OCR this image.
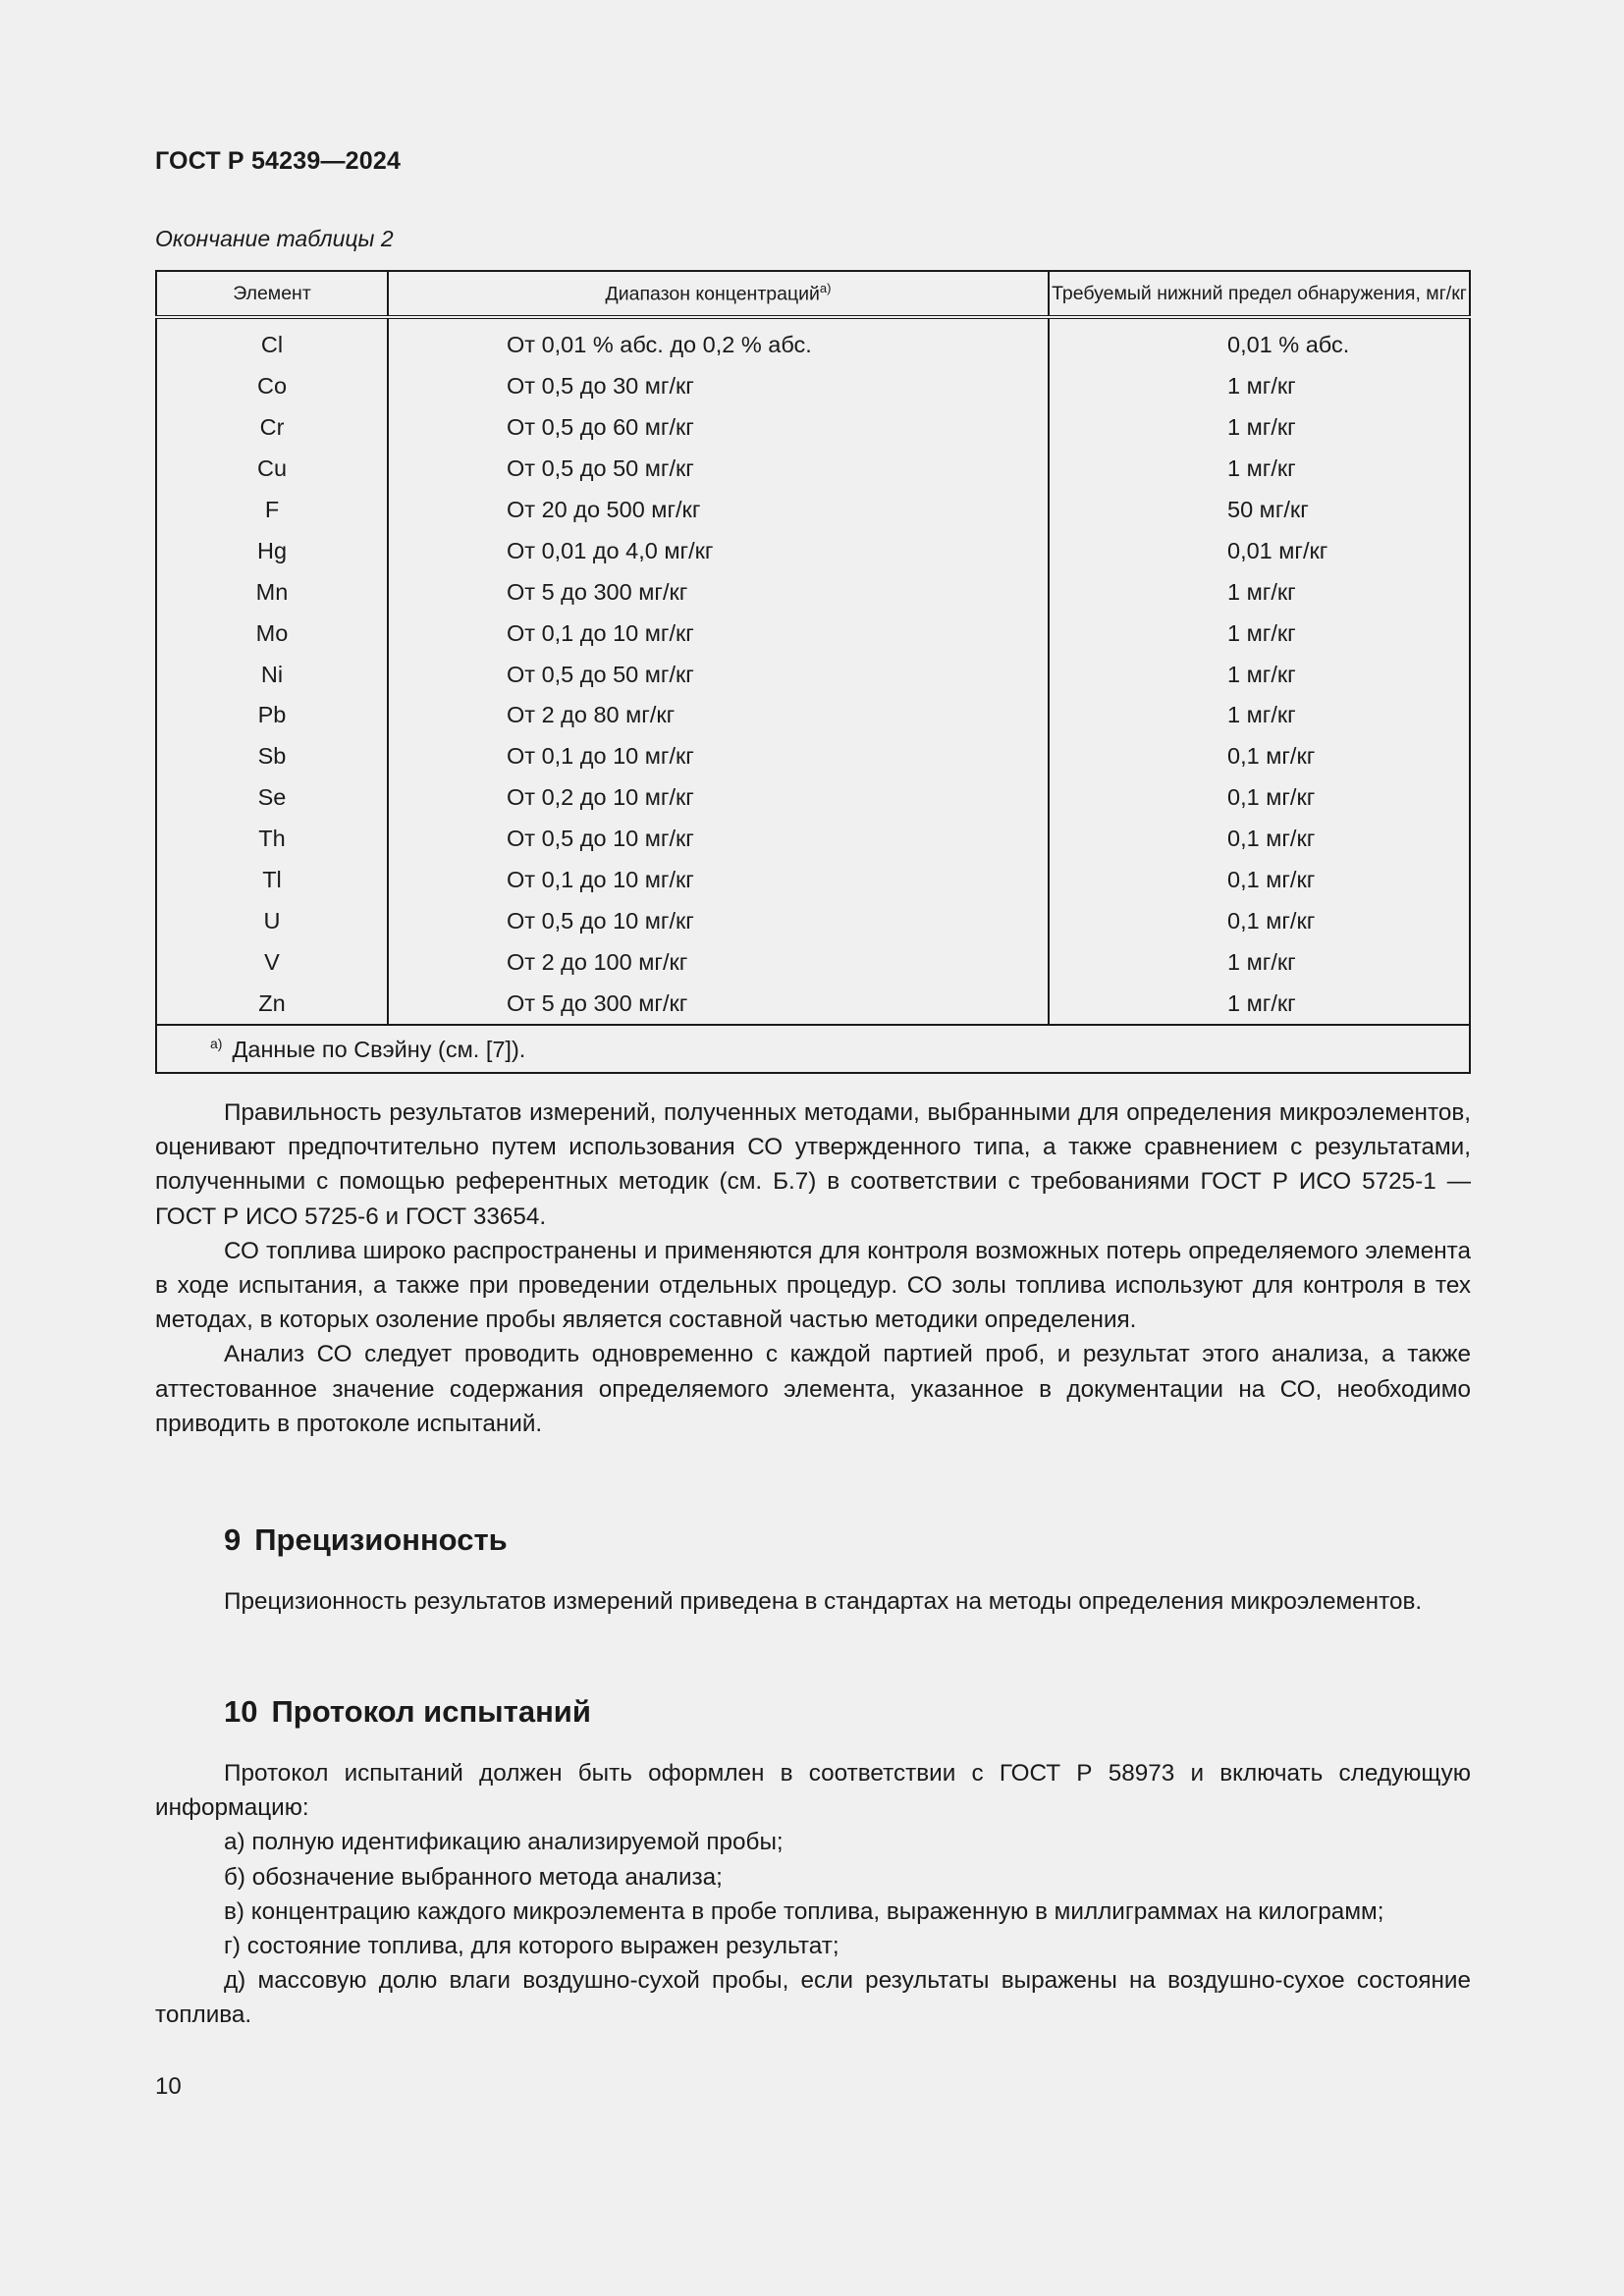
ГОСТ Р 54239—2024
Окончание таблицы 2
Элемент	Диапазон концентраций$^{а)}$	Требуемый нижний предел обнаружения, мг/кг
Cl	От 0,01 % абс. до 0,2 % абс.	0,01 % абс.
Co	От 0,5 до 30 мг/кг	1 мг/кг
Cr	От 0,5 до 60 мг/кг	1 мг/кг
Cu	От 0,5 до 50 мг/кг	1 мг/кг
F	От 20 до 500 мг/кг	50 мг/кг
Hg	От 0,01 до 4,0 мг/кг	0,01 мг/кг
Mn	От 5 до 300 мг/кг	1 мг/кг
Mo	От 0,1 до 10 мг/кг	1 мг/кг
Ni	От 0,5 до 50 мг/кг	1 мг/кг
Pb	От 2 до 80 мг/кг	1 мг/кг
Sb	От 0,1 до 10 мг/кг	0,1 мг/кг
Se	От 0,2 до 10 мг/кг	0,1 мг/кг
Th	От 0,5 до 10 мг/кг	0,1 мг/кг
Tl	От 0,1 до 10 мг/кг	0,1 мг/кг
U	От 0,5 до 10 мг/кг	0,1 мг/кг
V	От 2 до 100 мг/кг	1 мг/кг
Zn	От 5 до 300 мг/кг	1 мг/кг
$^{а)}$ Данные по Свэйну (см. [7]).		

Правильность результатов измерений, полученных методами, выбранными для определения микроэлементов, оценивают предпочтительно путем использования СО утвержденного типа, а также сравнением с результатами, полученными с помощью референтных методик (см. Б.7) в соответствии с требованиями ГОСТ Р ИСО 5725-1 — ГОСТ Р ИСО 5725-6 и ГОСТ 33654.

СО топлива широко распространены и применяются для контроля возможных потерь определяемого элемента в ходе испытания, а также при проведении отдельных процедур. СО золы топлива используют для контроля в тех методах, в которых озоление пробы является составной частью методики определения.

Анализ СО следует проводить одновременно с каждой партией проб, и результат этого анализа, а также аттестованное значение содержания определяемого элемента, указанное в документации на СО, необходимо приводить в протоколе испытаний.

9 Прецизионность

Прецизионность результатов измерений приведена в стандартах на методы определения микроэлементов.

10 Протокол испытаний

Протокол испытаний должен быть оформлен в соответствии с ГОСТ Р 58973 и включать следующую информацию:

а) полную идентификацию анализируемой пробы;

б) обозначение выбранного метода анализа;

в) концентрацию каждого микроэлемента в пробе топлива, выраженную в миллиграммах на килограмм;

г) состояние топлива, для которого выражен результат;

д) массовую долю влаги воздушно-сухой пробы, если результаты выражены на воздушно-сухое состояние топлива.

10
